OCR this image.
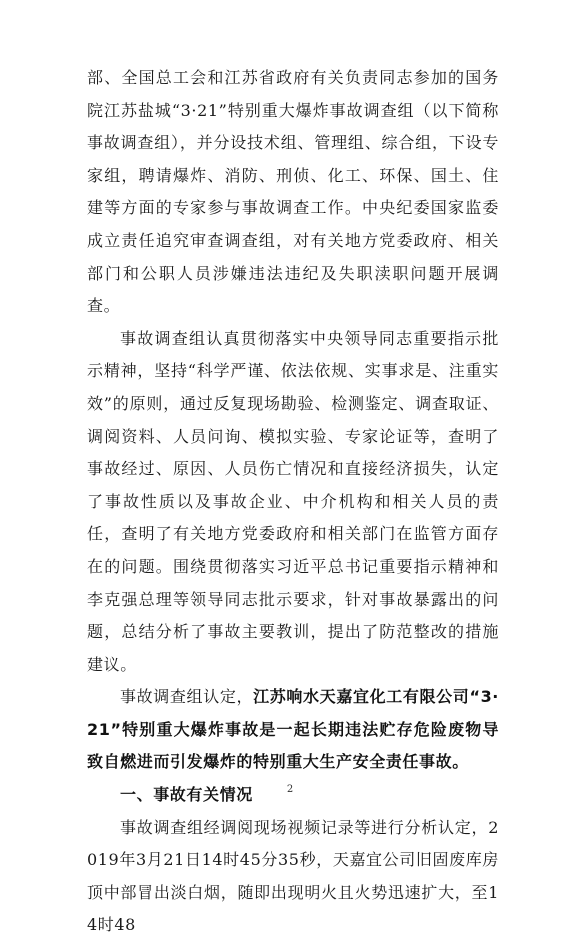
部、全国总工会和江苏省政府有关负责同志参加的国务院江苏盐城“3·21”特别重大爆炸事故调查组（以下简称事故调查组），并分设技术组、管理组、综合组，下设专家组，聘请爆炸、消防、刑侦、化工、环保、国土、住建等方面的专家参与事故调查工作。中央纪委国家监委成立责任追究审查调查组，对有关地方党委政府、相关部门和公职人员涉嫌违法违纪及失职渎职问题开展调查。

事故调查组认真贯彻落实中央领导同志重要指示批示精神，坚持“科学严谨、依法依规、实事求是、注重实效”的原则，通过反复现场勘验、检测鉴定、调查取证、调阅资料、人员问询、模拟实验、专家论证等，查明了事故经过、原因、人员伤亡情况和直接经济损失，认定了事故性质以及事故企业、中介机构和相关人员的责任，查明了有关地方党委政府和相关部门在监管方面存在的问题。围绕贯彻落实习近平总书记重要指示精神和李克强总理等领导同志批示要求，针对事故暴露出的问题，总结分析了事故主要教训，提出了防范整改的措施建议。

事故调查组认定，江苏响水天嘉宜化工有限公司“3·21”特别重大爆炸事故是一起长期违法贮存危险废物导致自燃进而引发爆炸的特别重大生产安全责任事故。

一、事故有关情况

事故调查组经调阅现场视频记录等进行分析认定，2019年3月21日14时45分35秒，天嘉宜公司旧固废库房顶中部冒出淡白烟，随即出现明火且火势迅速扩大，至14时48

2
